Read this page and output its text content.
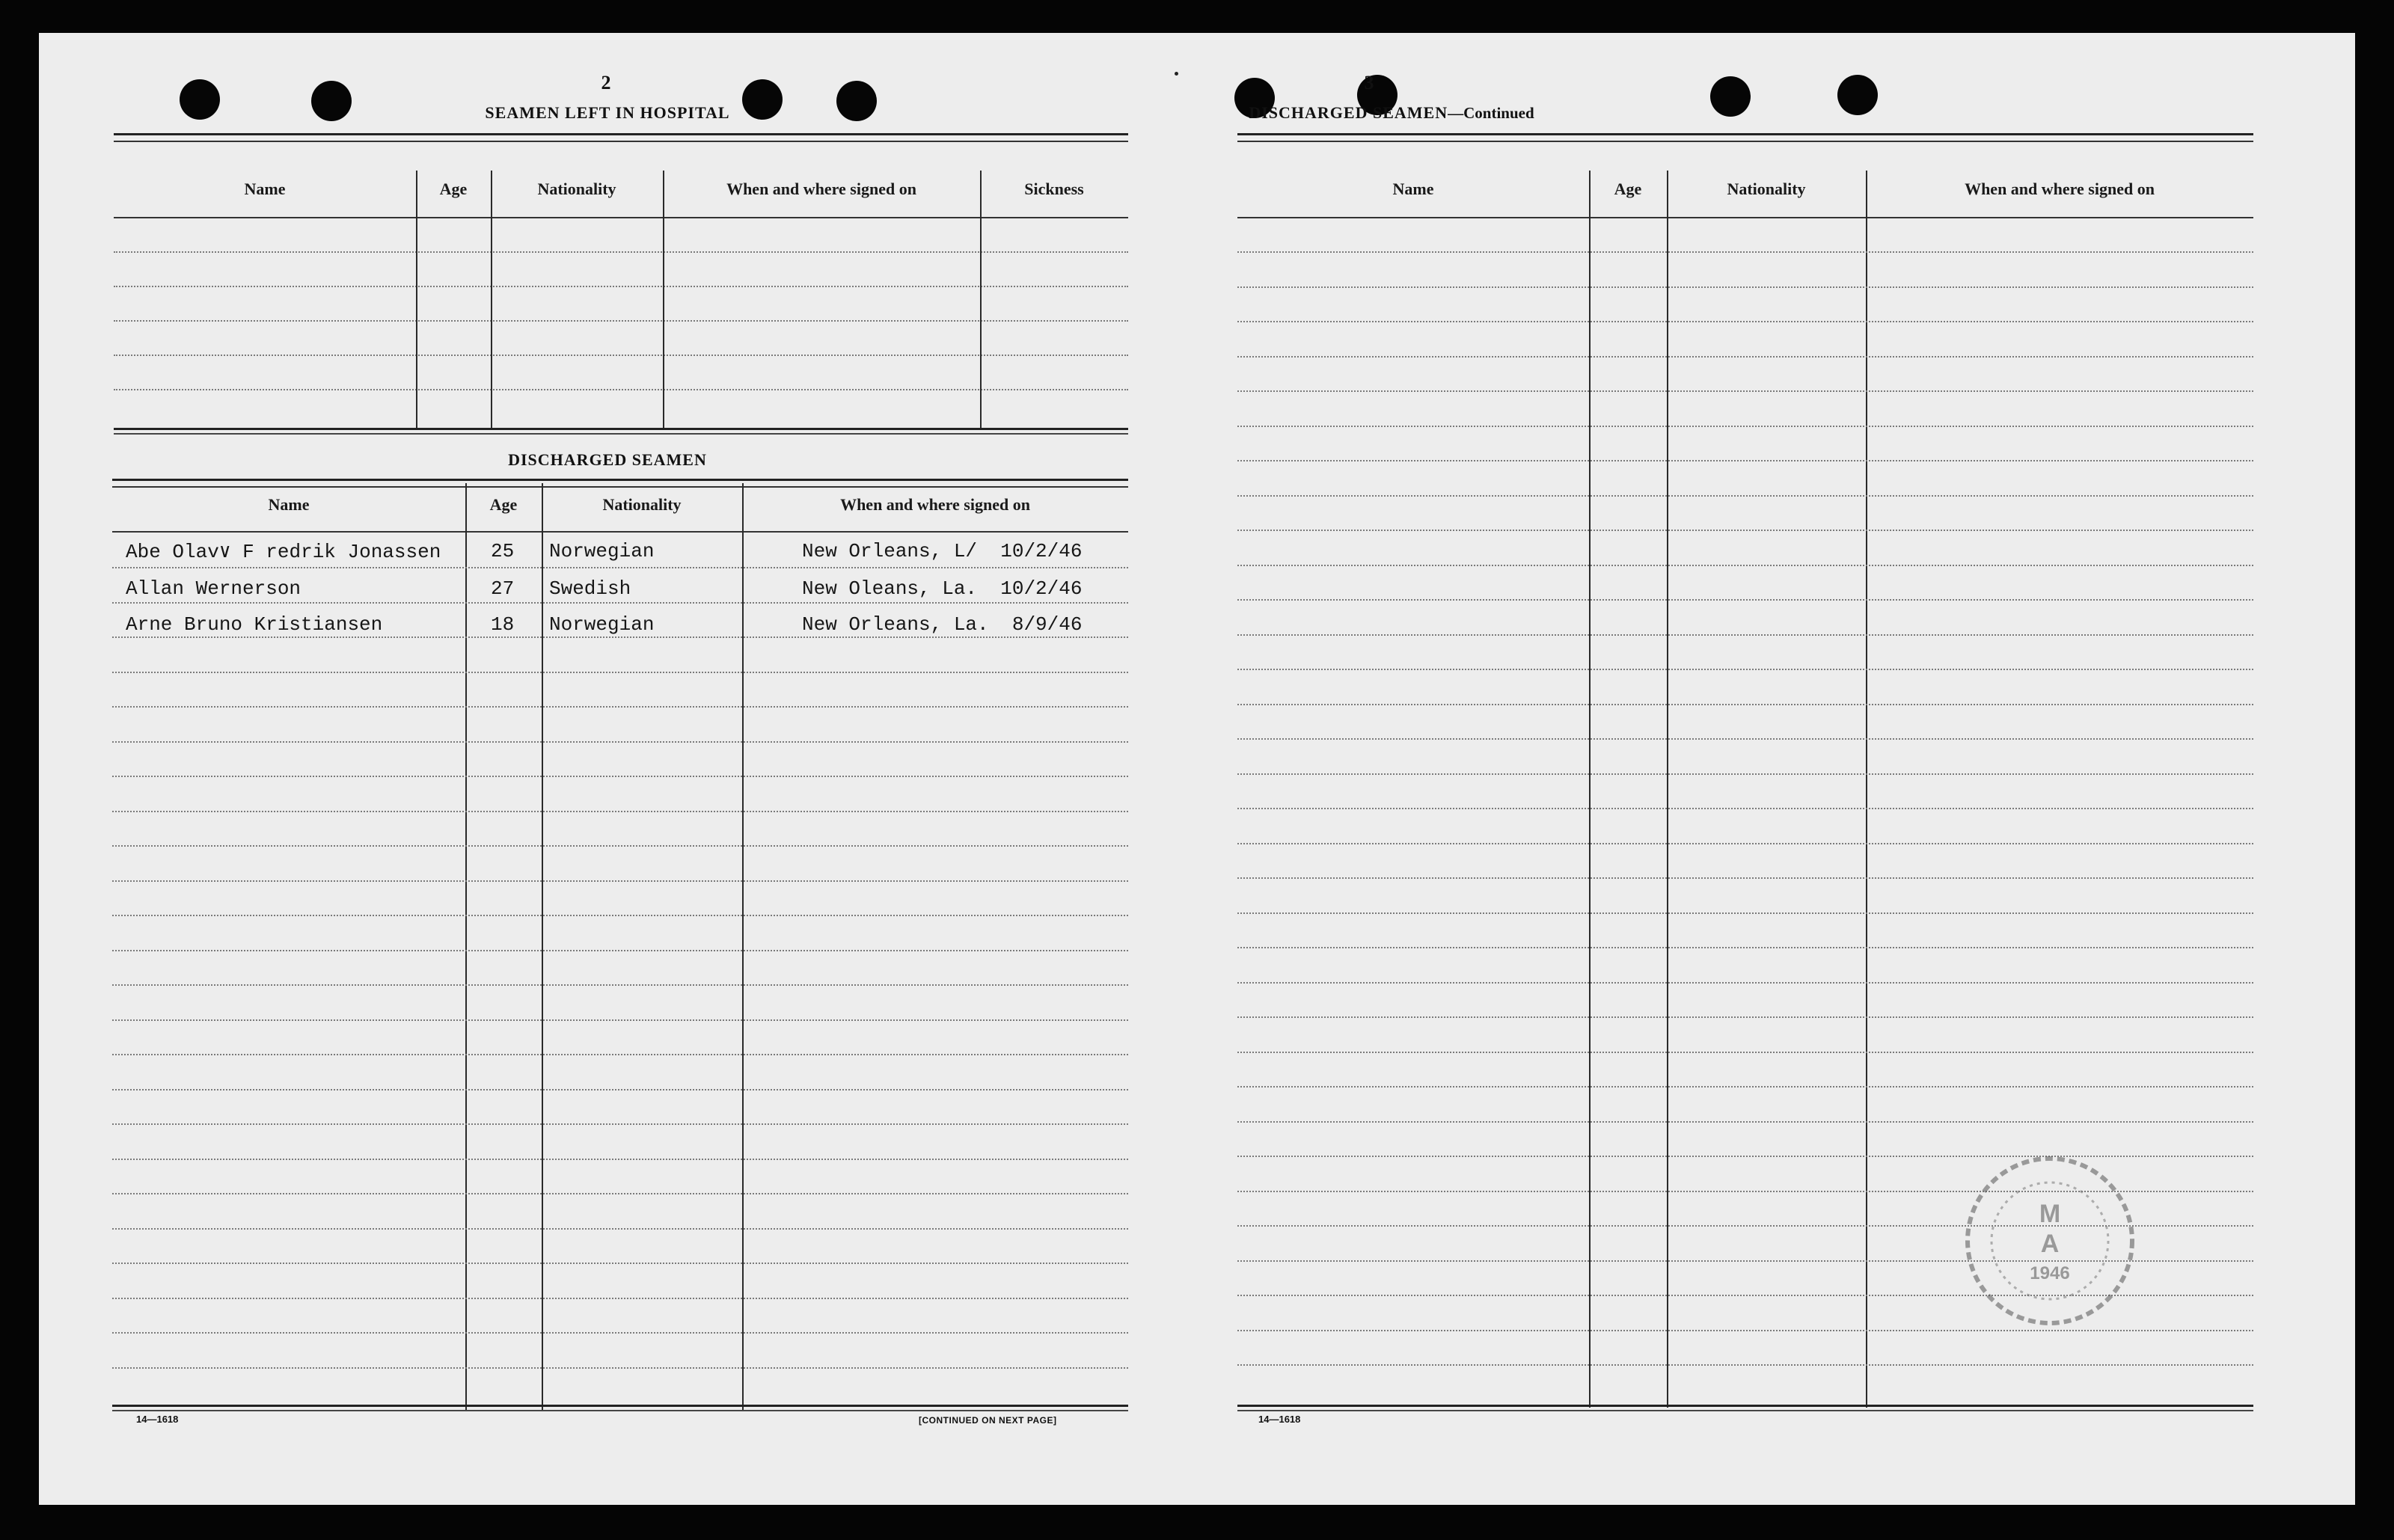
2
SEAMEN LEFT IN HOSPITAL
Name	Age	Nationality	When and where signed on	Sickness
DISCHARGED SEAMEN
Name	Age	Nationality	When and where signed on
Abe Olav∨ F redrik Jonassen	25 Norwegian	New Orleans, L/  10/2/46
Allan Wernerson	27 Swedish	New Oleans, La.  10/2/46
Arne Bruno Kristiansen	18 Norwegian	New Orleans, La.  8/9/46
14—1618	[CONTINUED ON NEXT PAGE]
3
DISCHARGED SEAMEN—Continued
Name	Age	Nationality	When and where signed on
M
A
1946
14—1618
